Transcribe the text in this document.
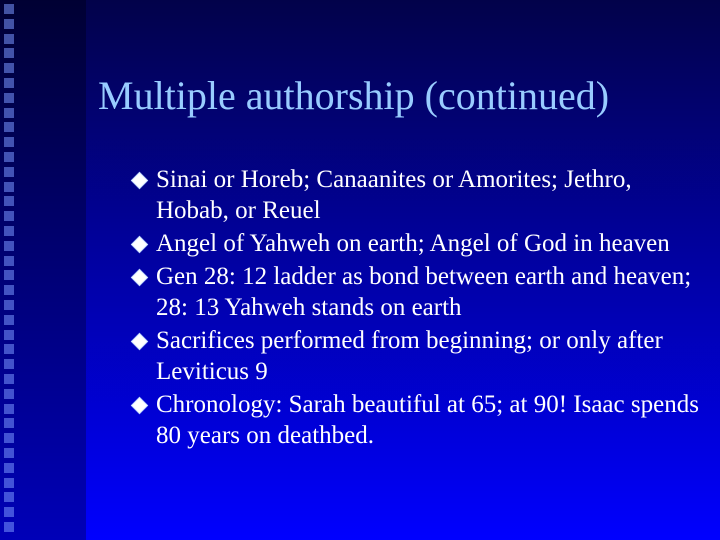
Multiple authorship (continued)
Sinai or Horeb; Canaanites or Amorites; Jethro, Hobab, or Reuel
Angel of Yahweh on earth; Angel of God in heaven
Gen 28: 12 ladder as bond between earth and heaven; 28: 13 Yahweh stands on earth
Sacrifices performed from beginning; or only after Leviticus 9
Chronology: Sarah beautiful at 65; at 90! Isaac spends 80 years on deathbed.
